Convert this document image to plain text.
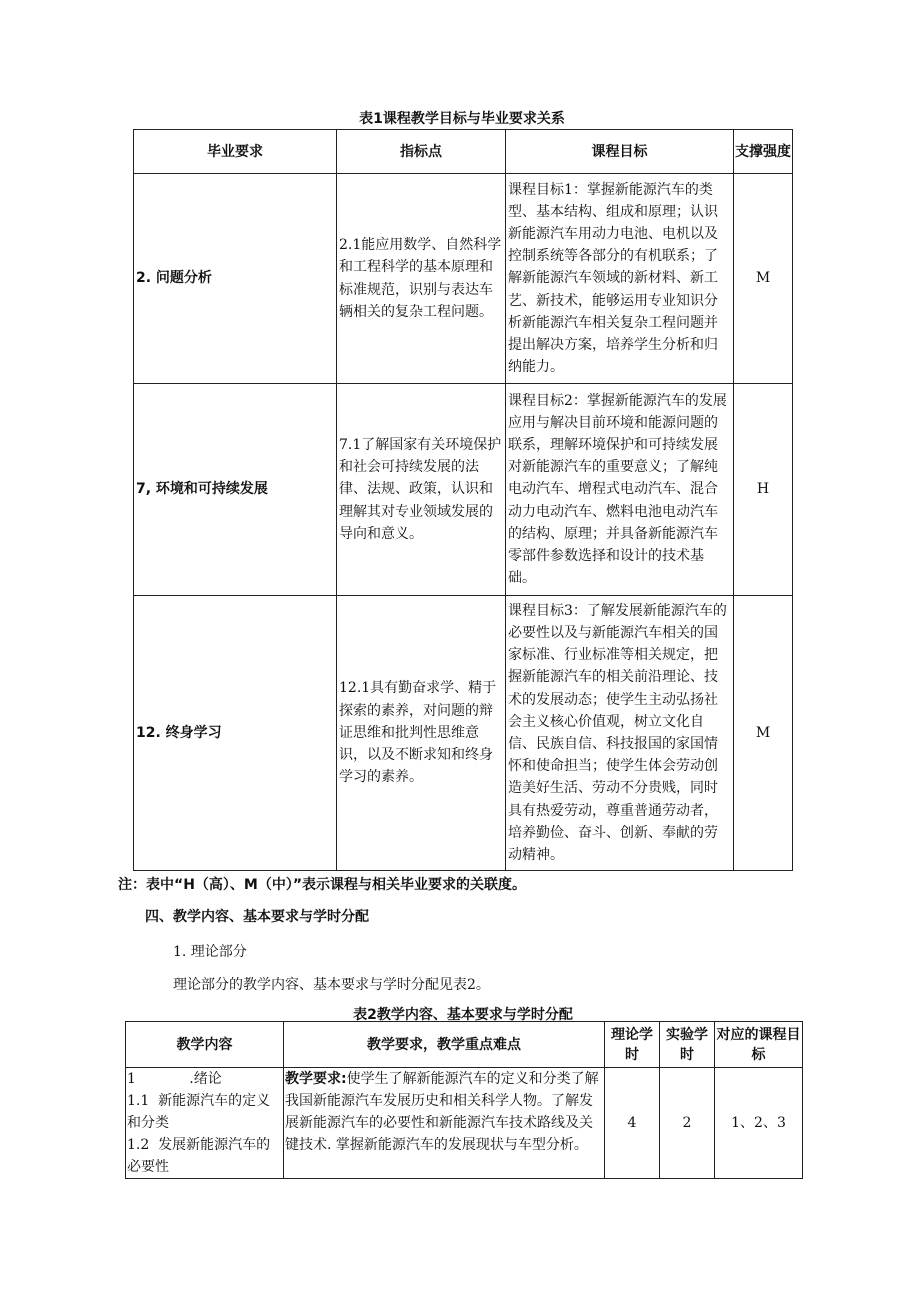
表1课程教学目标与毕业要求关系
毕业要求	指标点	课程目标	支撑强度
2. 问题分析	2.1能应用数学、自然科学和工程科学的基本原理和标准规范，识别与表达车辆相关的复杂工程问题。	课程目标1：掌握新能源汽车的类型、基本结构、组成和原理；认识新能源汽车用动力电池、电机以及控制系统等各部分的有机联系；了解新能源汽车领域的新材料、新工艺、新技术，能够运用专业知识分析新能源汽车相关复杂工程问题并提出解决方案，培养学生分析和归纳能力。	M
7, 环境和可持续发展	7.1了解国家有关环境保护和社会可持续发展的法律、法规、政策，认识和理解其对专业领域发展的导向和意义。	课程目标2：掌握新能源汽车的发展应用与解决目前环境和能源问题的联系，理解环境保护和可持续发展对新能源汽车的重要意义；了解纯电动汽车、增程式电动汽车、混合动力电动汽车、燃料电池电动汽车的结构、原理；并具备新能源汽车零部件参数选择和设计的技术基础。	H
12. 终身学习	12.1具有勤奋求学、精于探索的素养，对问题的辩证思维和批判性思维意识，以及不断求知和终身学习的素养。	课程目标3：了解发展新能源汽车的必要性以及与新能源汽车相关的国家标准、行业标准等相关规定，把握新能源汽车的相关前沿理论、技术的发展动态；使学生主动弘扬社会主义核心价值观，树立文化自信、民族自信、科技报国的家国情怀和使命担当；使学生体会劳动创造美好生活、劳动不分贵贱，同时具有热爱劳动，尊重普通劳动者，培养勤俭、奋斗、创新、奉献的劳动精神。	M
注：表中“H（高）、M（中）”表示课程与相关毕业要求的关联度。
四、教学内容、基本要求与学时分配
1. 理论部分
理论部分的教学内容、基本要求与学时分配见表2。
表2教学内容、基本要求与学时分配
教学内容	教学要求，教学重点难点	理论学时	实验学时	对应的课程目标

1            .绪论
1.1  新能源汽车的定义和分类
1.2  发展新能源汽车的必要性	教学要求:使学生了解新能源汽车的定义和分类了解我国新能源汽车发展历史和相关科学人物。了解发展新能源汽车的必要性和新能源汽车技术路线及关键技术. 掌握新能源汽车的发展现状与车型分析。	4	2	1、2、3
